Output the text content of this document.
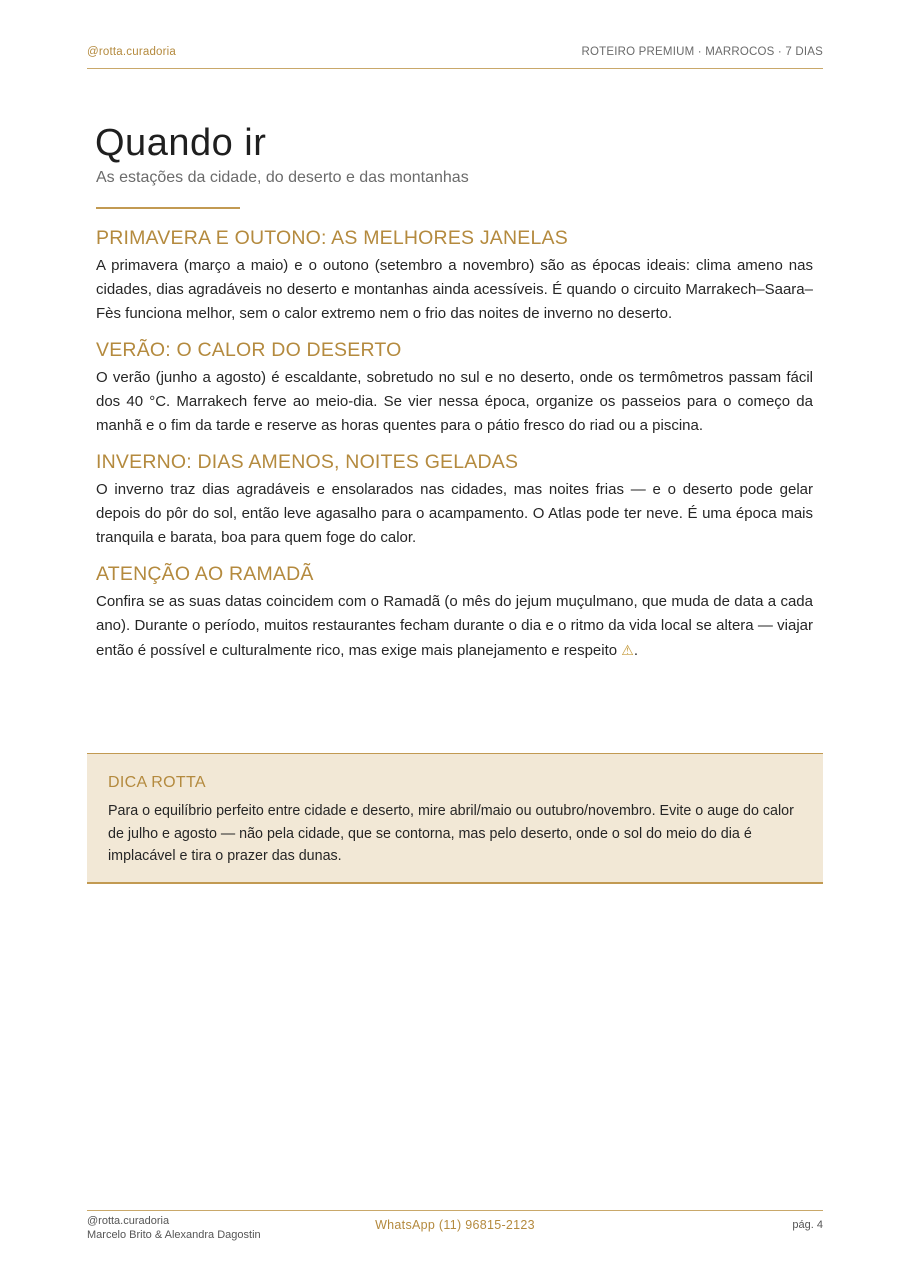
@rotta.curadoria	ROTEIRO PREMIUM · MARROCOS · 7 DIAS
Quando ir

As estações da cidade, do deserto e das montanhas

PRIMAVERA E OUTONO: AS MELHORES JANELAS

A primavera (março a maio) e o outono (setembro a novembro) são as épocas ideais: clima ameno nas cidades, dias agradáveis no deserto e montanhas ainda acessíveis. É quando o circuito Marrakech–Saara–Fès funciona melhor, sem o calor extremo nem o frio das noites de inverno no deserto.

VERÃO: O CALOR DO DESERTO

O verão (junho a agosto) é escaldante, sobretudo no sul e no deserto, onde os termômetros passam fácil dos 40 °C. Marrakech ferve ao meio-dia. Se vier nessa época, organize os passeios para o começo da manhã e o fim da tarde e reserve as horas quentes para o pátio fresco do riad ou a piscina.

INVERNO: DIAS AMENOS, NOITES GELADAS

O inverno traz dias agradáveis e ensolarados nas cidades, mas noites frias — e o deserto pode gelar depois do pôr do sol, então leve agasalho para o acampamento. O Atlas pode ter neve. É uma época mais tranquila e barata, boa para quem foge do calor.

ATENÇÃO AO RAMADÃ

Confira se as suas datas coincidem com o Ramadã (o mês do jejum muçulmano, que muda de data a cada ano). Durante o período, muitos restaurantes fecham durante o dia e o ritmo da vida local se altera — viajar então é possível e culturalmente rico, mas exige mais planejamento e respeito ⚠.

DICA ROTTA

Para o equilíbrio perfeito entre cidade e deserto, mire abril/maio ou outubro/novembro. Evite o auge do calor de julho e agosto — não pela cidade, que se contorna, mas pelo deserto, onde o sol do meio do dia é implacável e tira o prazer das dunas.

@rotta.curadoria
Marcelo Brito & Alexandra Dagostin
WhatsApp (11) 96815-2123	pág. 4
